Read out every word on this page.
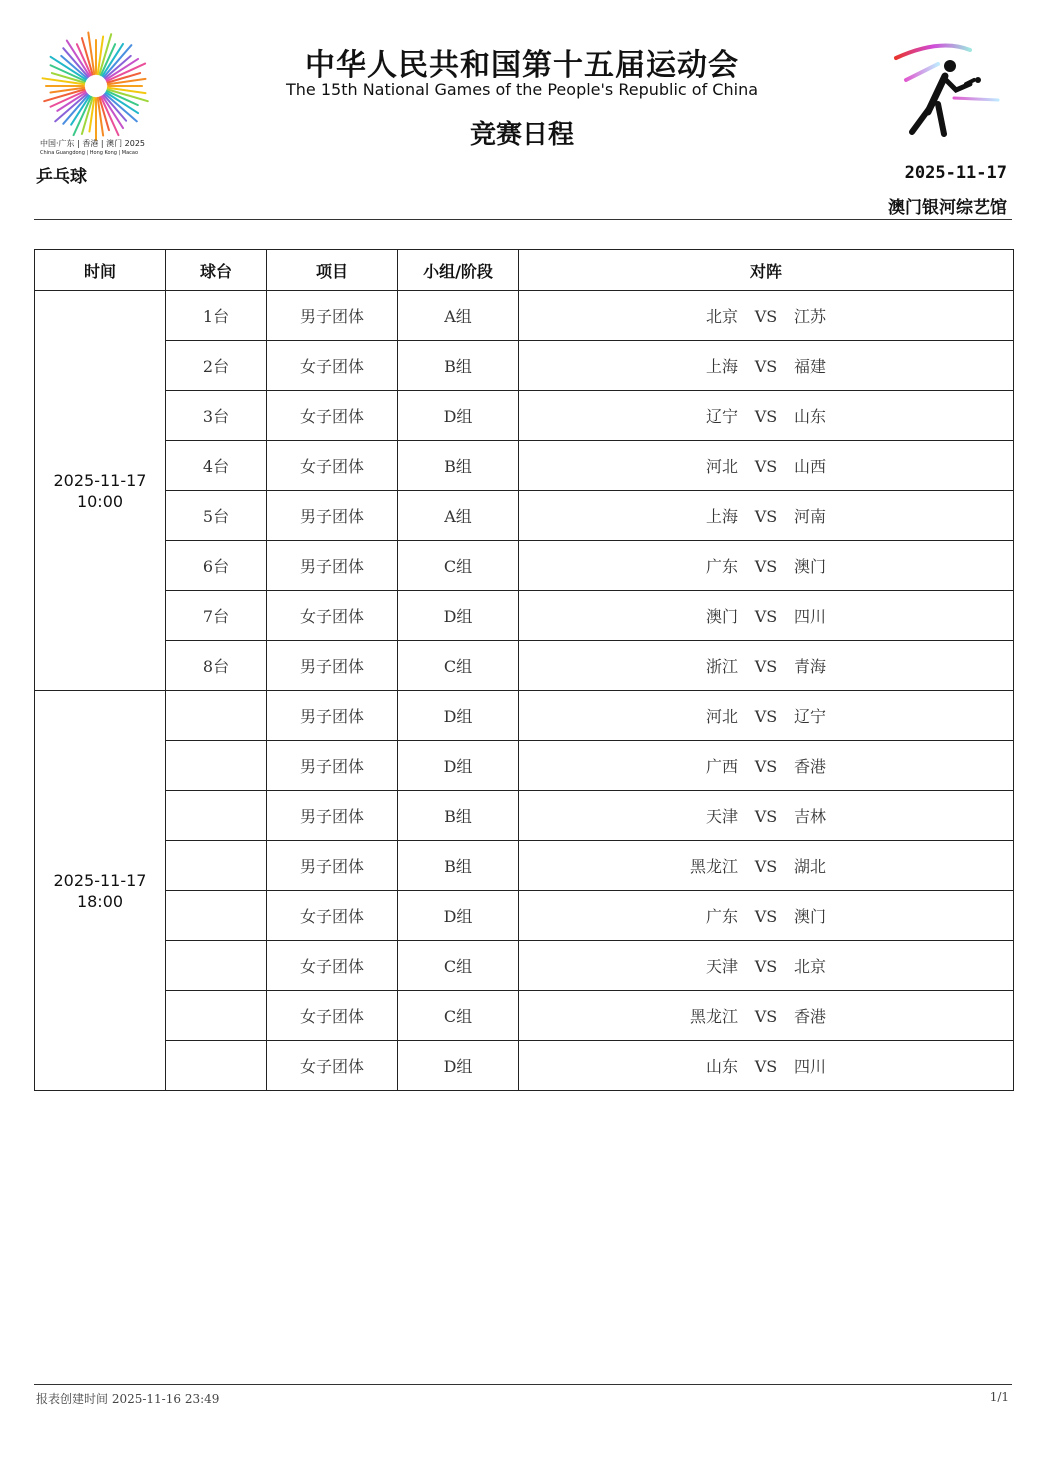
中国·广东 | 香港 | 澳门 2025
China Guangdong | Hong Kong | Macao
中华人民共和国第十五届运动会
The 15th National Games of the People's Republic of China
竞赛日程
乒乓球	2025-11-17
澳门银河综艺馆
时间	球台	项目	小组/阶段	对阵

2025-11-17
10:00	1台	男子团体	A组	北京 VS 江苏
	2台	女子团体	B组	上海 VS 福建
	3台	女子团体	D组	辽宁 VS 山东
	4台	女子团体	B组	河北 VS 山西
	5台	男子团体	A组	上海 VS 河南
	6台	男子团体	C组	广东 VS 澳门
	7台	女子团体	D组	澳门 VS 四川
	8台	男子团体	C组	浙江 VS 青海

2025-11-17
18:00		男子团体	D组	河北 VS 辽宁
		男子团体	D组	广西 VS 香港
		男子团体	B组	天津 VS 吉林
		男子团体	B组	黑龙江 VS 湖北
		女子团体	D组	广东 VS 澳门
		女子团体	C组	天津 VS 北京
		女子团体	C组	黑龙江 VS 香港
		女子团体	D组	山东 VS 四川
报表创建时间 2025-11-16 23:49	1/1
